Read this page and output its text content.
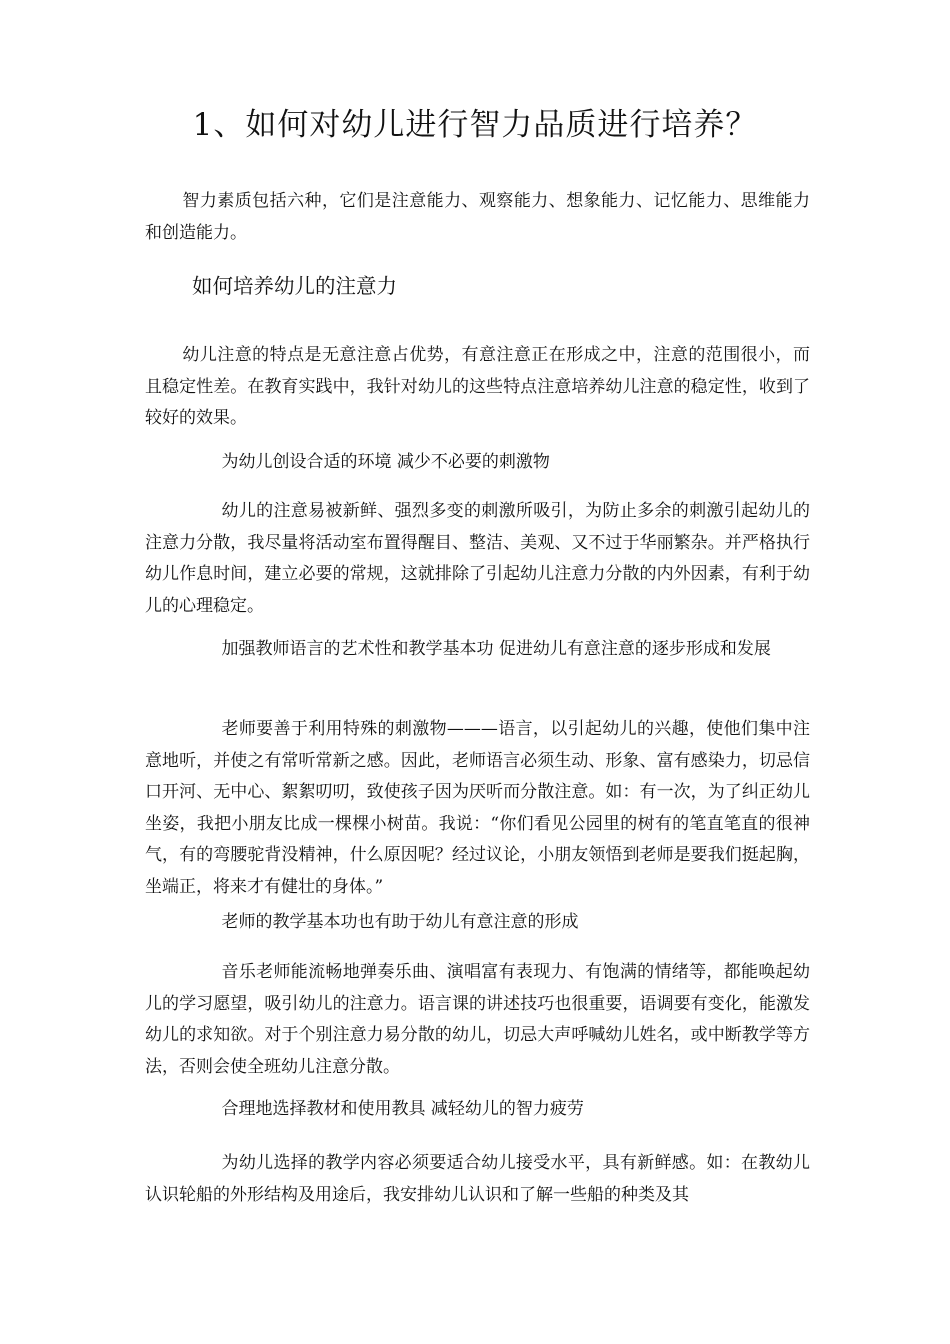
1、如何对幼儿进行智力品质进行培养？

智力素质包括六种，它们是注意能力、观察能力、想象能力、记忆能力、思维能力和创造能力。

如何培养幼儿的注意力

幼儿注意的特点是无意注意占优势，有意注意正在形成之中，注意的范围很小，而且稳定性差。在教育实践中，我针对幼儿的这些特点注意培养幼儿注意的稳定性，收到了较好的效果。

为幼儿创设合适的环境 减少不必要的刺激物

幼儿的注意易被新鲜、强烈多变的刺激所吸引，为防止多余的刺激引起幼儿的注意力分散，我尽量将活动室布置得醒目、整洁、美观、又不过于华丽繁杂。并严格执行幼儿作息时间，建立必要的常规，这就排除了引起幼儿注意力分散的内外因素，有利于幼儿的心理稳定。

加强教师语言的艺术性和教学基本功 促进幼儿有意注意的逐步形成和发展

老师要善于利用特殊的刺激物———语言，以引起幼儿的兴趣，使他们集中注意地听，并使之有常听常新之感。因此，老师语言必须生动、形象、富有感染力，切忌信口开河、无中心、絮絮叨叨，致使孩子因为厌听而分散注意。如：有一次，为了纠正幼儿坐姿，我把小朋友比成一棵棵小树苗。我说：“你们看见公园里的树有的笔直笔直的很神气，有的弯腰驼背没精神，什么原因呢？经过议论，小朋友领悟到老师是要我们挺起胸，坐端正，将来才有健壮的身体。”

老师的教学基本功也有助于幼儿有意注意的形成

音乐老师能流畅地弹奏乐曲、演唱富有表现力、有饱满的情绪等，都能唤起幼儿的学习愿望，吸引幼儿的注意力。语言课的讲述技巧也很重要，语调要有变化，能激发幼儿的求知欲。对于个别注意力易分散的幼儿，切忌大声呼喊幼儿姓名，或中断教学等方法，否则会使全班幼儿注意分散。

合理地选择教材和使用教具 减轻幼儿的智力疲劳

为幼儿选择的教学内容必须要适合幼儿接受水平，具有新鲜感。如：在教幼儿认识轮船的外形结构及用途后，我安排幼儿认识和了解一些船的种类及其
